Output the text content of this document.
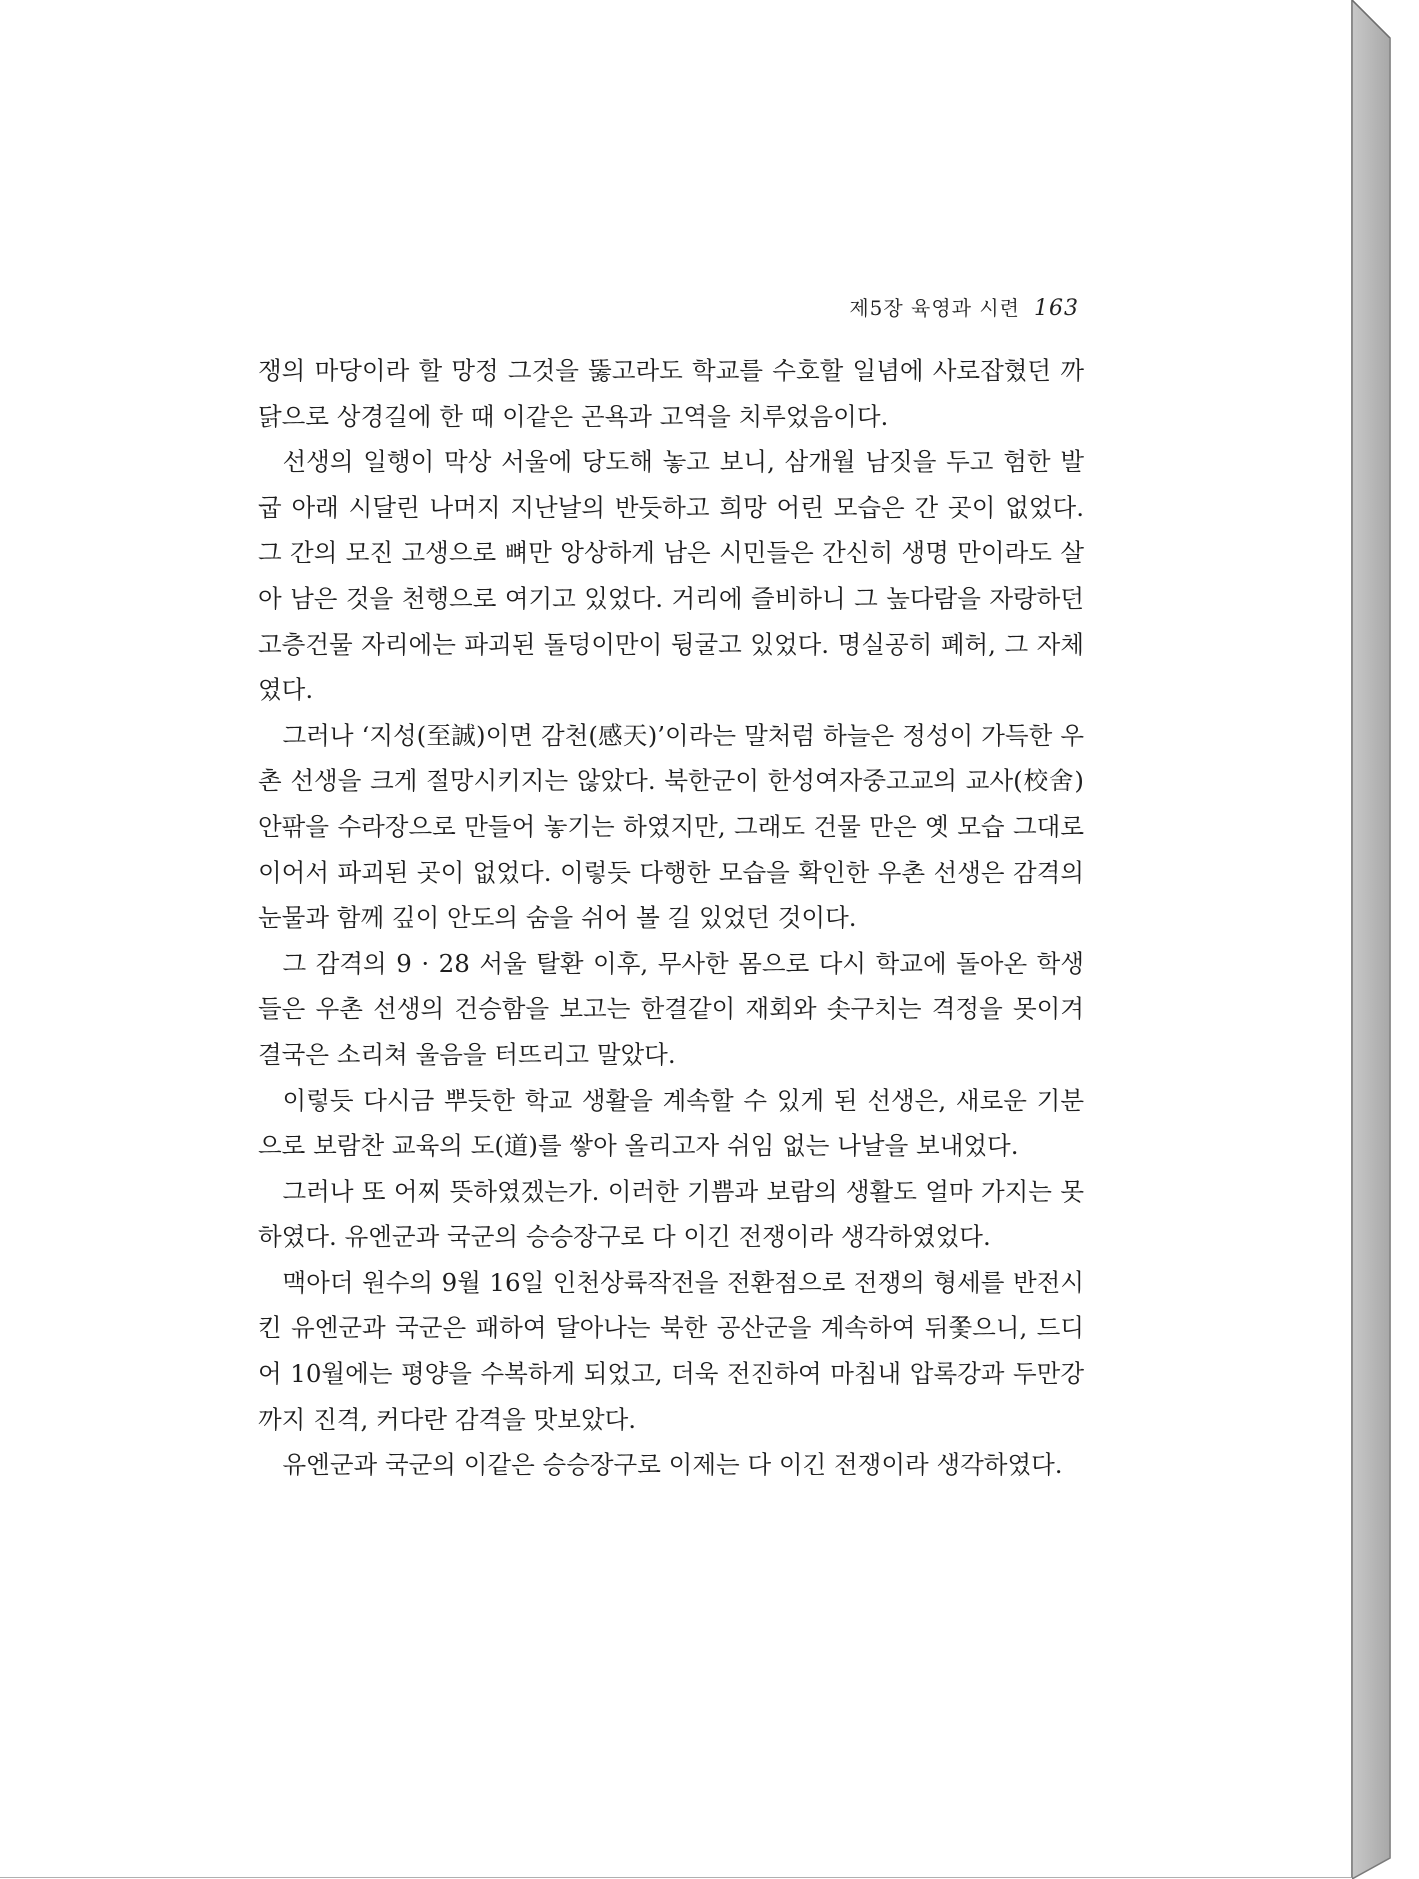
제5장 육영과 시련 163

쟁의 마당이라 할 망정 그것을 뚫고라도 학교를 수호할 일념에 사로잡혔던 까닭으로 상경길에 한 때 이같은 곤욕과 고역을 치루었음이다.

선생의 일행이 막상 서울에 당도해 놓고 보니, 삼개월 남짓을 두고 험한 발굽 아래 시달린 나머지 지난날의 반듯하고 희망 어린 모습은 간 곳이 없었다. 그 간의 모진 고생으로 뼈만 앙상하게 남은 시민들은 간신히 생명 만이라도 살아 남은 것을 천행으로 여기고 있었다. 거리에 즐비하니 그 높다람을 자랑하던 고층건물 자리에는 파괴된 돌덩이만이 뒹굴고 있었다. 명실공히 폐허, 그 자체였다.

그러나 ‘지성(至誠)이면 감천(感天)’이라는 말처럼 하늘은 정성이 가득한 우촌 선생을 크게 절망시키지는 않았다. 북한군이 한성여자중고교의 교사(校舍) 안팎을 수라장으로 만들어 놓기는 하였지만, 그래도 건물 만은 옛 모습 그대로이어서 파괴된 곳이 없었다. 이렇듯 다행한 모습을 확인한 우촌 선생은 감격의 눈물과 함께 깊이 안도의 숨을 쉬어 볼 길 있었던 것이다.

그 감격의 9 · 28 서울 탈환 이후, 무사한 몸으로 다시 학교에 돌아온 학생들은 우촌 선생의 건승함을 보고는 한결같이 재회와 솟구치는 격정을 못이겨 결국은 소리쳐 울음을 터뜨리고 말았다.

이렇듯 다시금 뿌듯한 학교 생활을 계속할 수 있게 된 선생은, 새로운 기분으로 보람찬 교육의 도(道)를 쌓아 올리고자 쉬임 없는 나날을 보내었다.

그러나 또 어찌 뜻하였겠는가. 이러한 기쁨과 보람의 생활도 얼마 가지는 못하였다. 유엔군과 국군의 승승장구로 다 이긴 전쟁이라 생각하였었다.

맥아더 원수의 9월 16일 인천상륙작전을 전환점으로 전쟁의 형세를 반전시킨 유엔군과 국군은 패하여 달아나는 북한 공산군을 계속하여 뒤쫓으니, 드디어 10월에는 평양을 수복하게 되었고, 더욱 전진하여 마침내 압록강과 두만강까지 진격, 커다란 감격을 맛보았다.

유엔군과 국군의 이같은 승승장구로 이제는 다 이긴 전쟁이라 생각하였다.
